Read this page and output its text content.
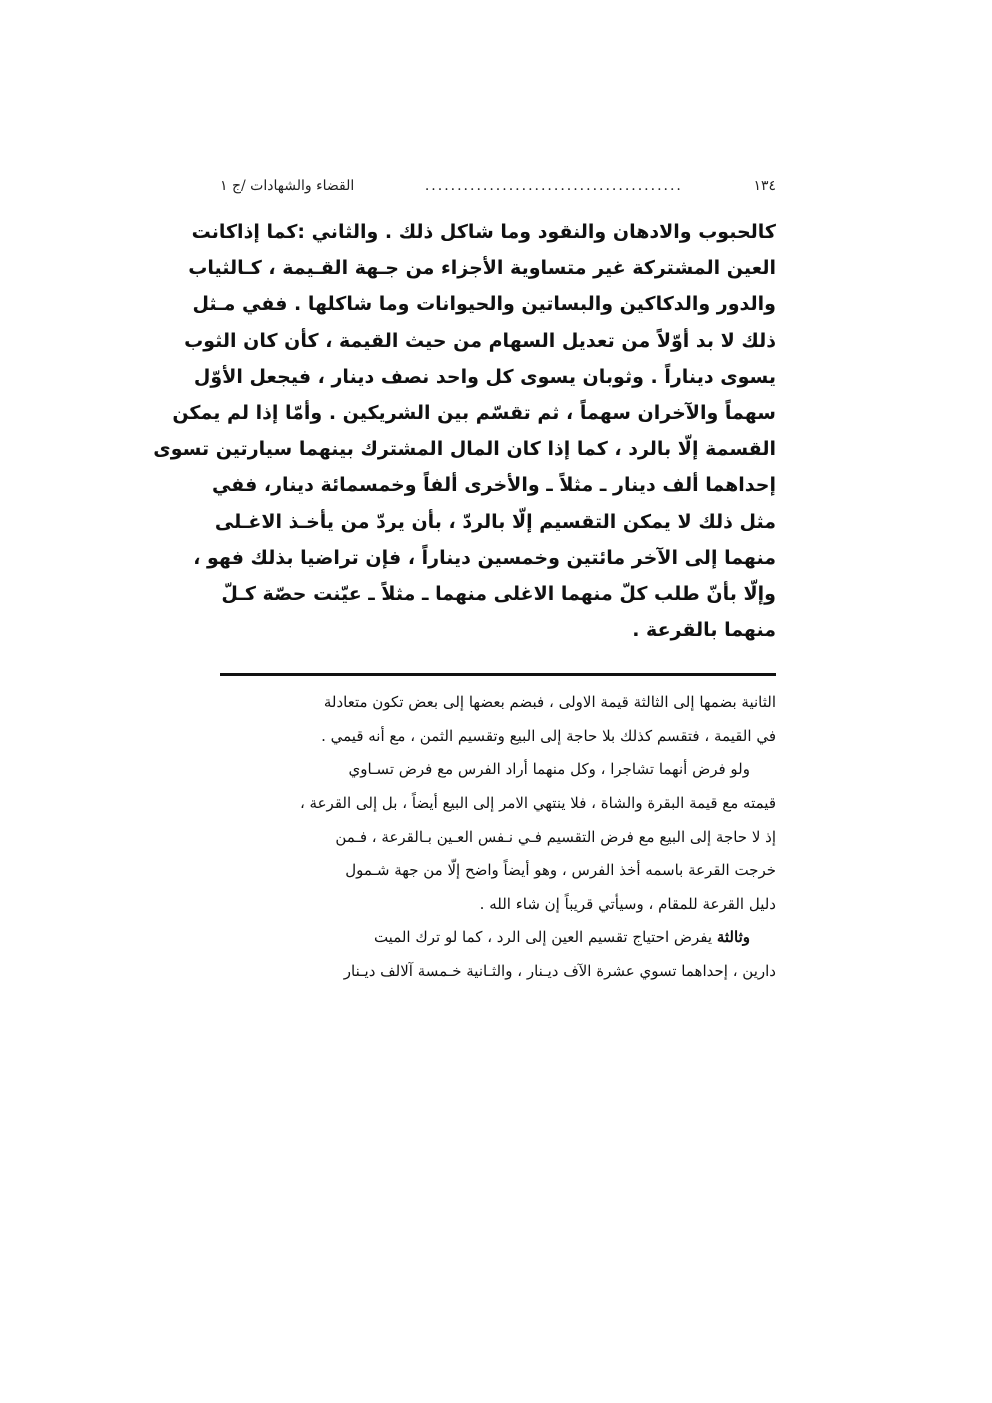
١٣٤
........................................
القضاء والشهادات /ج ١
كالحبوب والادهان والنقود وما شاكل ذلك . والثاني :كما إذاكانت
العين المشتركة غير متساوية الأجزاء من جـهة القـيمة ، كـالثياب
والدور والدكاكين والبساتين والحيوانات وما شاكلها . ففي مـثل
ذلك لا بد أوّلاً من تعديل السهام من حيث القيمة ، كأن كان الثوب
يسوى ديناراً . وثوبان يسوى كل واحد نصف دينار ، فيجعل الأوّل
سهماً والآخران سهماً ، ثم تقسّم بين الشريكين . وأمّا إذا لم يمكن
القسمة إلّا بالرد ، كما إذا كان المال المشترك بينهما سيارتين تسوى
إحداهما ألف دينار ـ مثلاً ـ والأخرى ألفاً وخمسمائة دينار، ففي
مثل ذلك لا يمكن التقسيم إلّا بالردّ ، بأن يردّ من يأخـذ الاغـلى
منهما إلى الآخر مائتين وخمسين ديناراً ، فإن تراضيا بذلك فهو ،
وإلّا بأنّ طلب كلّ منهما الاغلى منهما ـ مثلاً ـ عيّنت حصّة كـلّ
منهما بالقرعة .
الثانية بضمها إلى الثالثة قيمة الاولى ، فبضم بعضها إلى بعض تكون متعادلة
في القيمة ، فتقسم كذلك بلا حاجة إلى البيع وتقسيم الثمن ، مع أنه قيمي .
ولو فرض أنهما تشاجرا ، وكل منهما أراد الفرس مع فرض تسـاوي
قيمته مع قيمة البقرة والشاة ، فلا ينتهي الامر إلى البيع أيضاً ، بل إلى القرعة ،
إذ لا حاجة إلى البيع مع فرض التقسيم فـي نـفس العـين بـالقرعة ، فـمن
خرجت القرعة باسمه أخذ الفرس ، وهو أيضاً واضح إلّا من جهة شـمول
دليل القرعة للمقام ، وسيأتي قريباً إن شاء الله .
وثالثة يفرض احتياج تقسيم العين إلى الرد ، كما لو ترك الميت
دارين ، إحداهما تسوي عشرة الآف ديـنار ، والثـانية خـمسة آلالف ديـنار
